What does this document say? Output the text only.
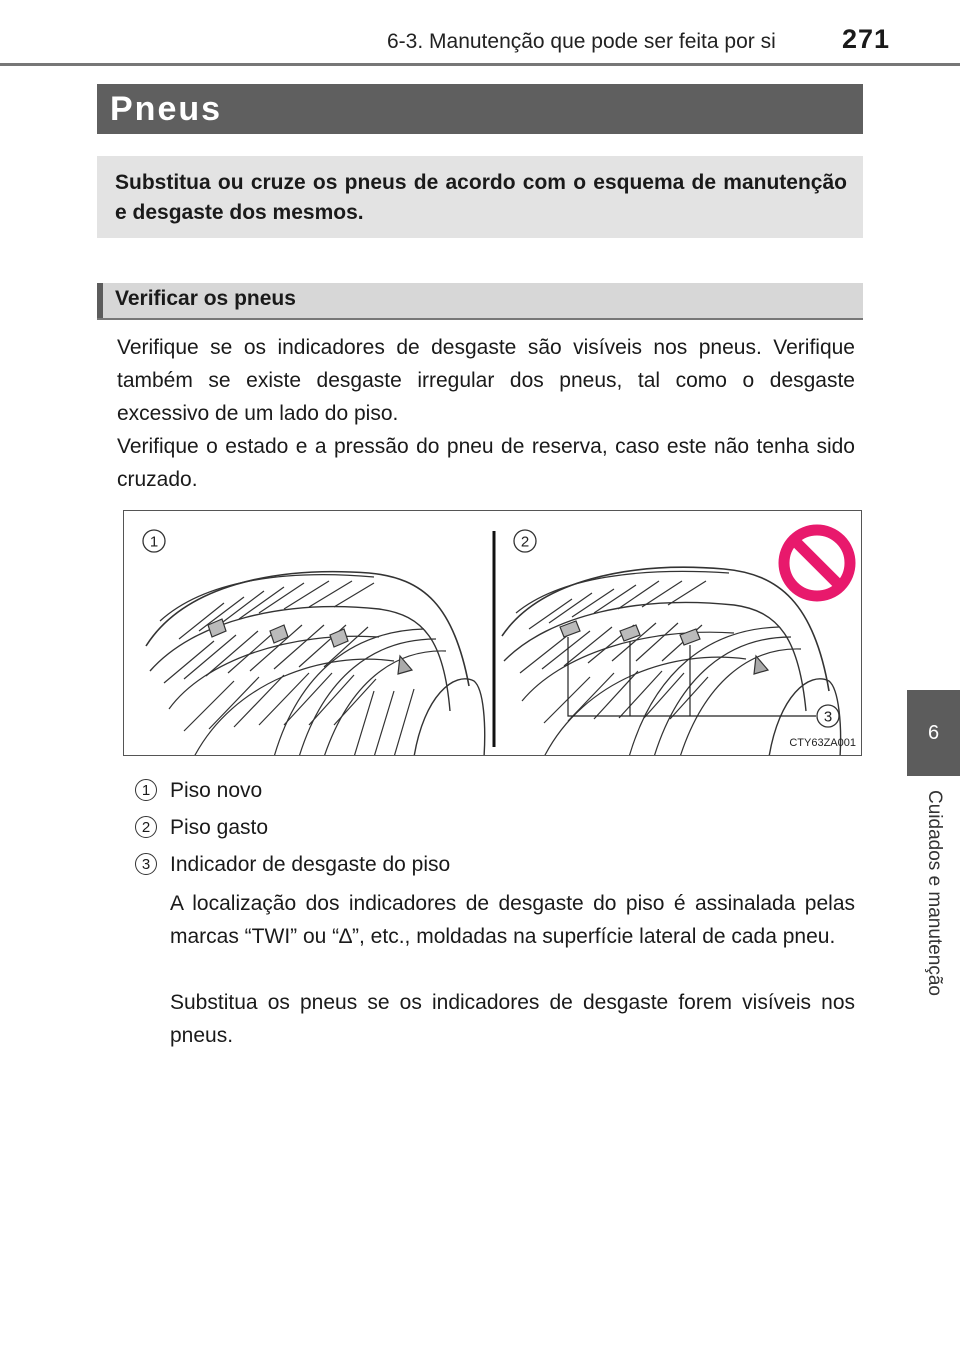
6-3. Manutenção que pode ser feita por si 271
6
Cuidados e manutenção
Pneus
Substitua ou cruze os pneus de acordo com o esquema de manutenção e desgaste dos mesmos.
Verificar os pneus
Verifique se os indicadores de desgaste são visíveis nos pneus. Verifique também se existe desgaste irregular dos pneus, tal como o desgaste excessivo de um lado do piso.
Verifique o estado e a pressão do pneu de reserva, caso este não tenha sido cruzado.
1	2
3
CTY63ZA001
1 Piso novo
2 Piso gasto
3 Indicador de desgaste do piso
A localização dos indicadores de desgaste do piso é assinalada pelas marcas “TWI” ou “∆”, etc., moldadas na superfície lateral de cada pneu.
Substitua os pneus se os indicadores de desgaste forem visíveis nos pneus.
